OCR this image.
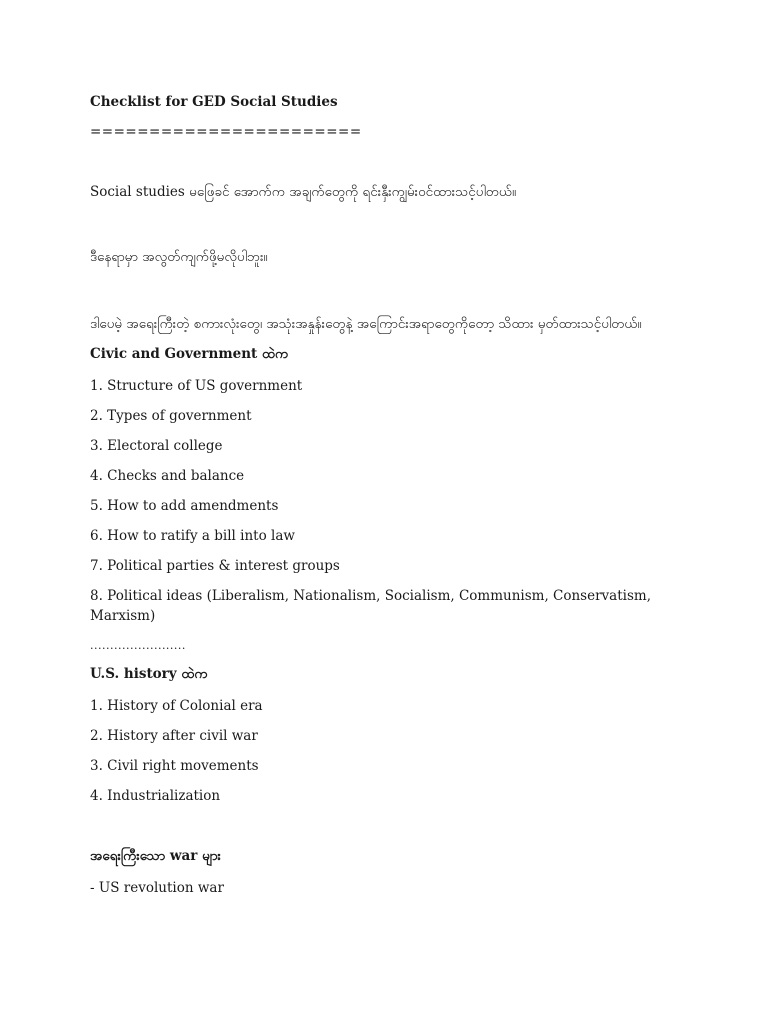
Checklist for GED Social Studies
=======================
Social studies မဖြေခင် အောက်က အချက်တွေကို ရင်းနှီးကျွမ်းဝင်ထားသင့်ပါတယ်။
ဒီနေရာမှာ အလွတ်ကျက်ဖို့မလိုပါဘူး။
ဒါပေမဲ့ အရေးကြီးတဲ့ စကားလုံးတွေ၊ အသုံးအနှုန်းတွေနဲ့ အကြောင်းအရာတွေကိုတော့ သိထား မှတ်ထားသင့်ပါတယ်။
Civic and Government ထဲက
1. Structure of US government
2. Types of government
3. Electoral college
4. Checks and balance
5. How to add amendments
6. How to ratify a bill into law
7. Political parties & interest groups
8. Political ideas (Liberalism, Nationalism, Socialism, Communism, Conservatism, Marxism)
........................
U.S. history ထဲက
1. History of Colonial era
2. History after civil war
3. Civil right movements
4. Industrialization
အရေးကြီးသော war များ
- US revolution war
